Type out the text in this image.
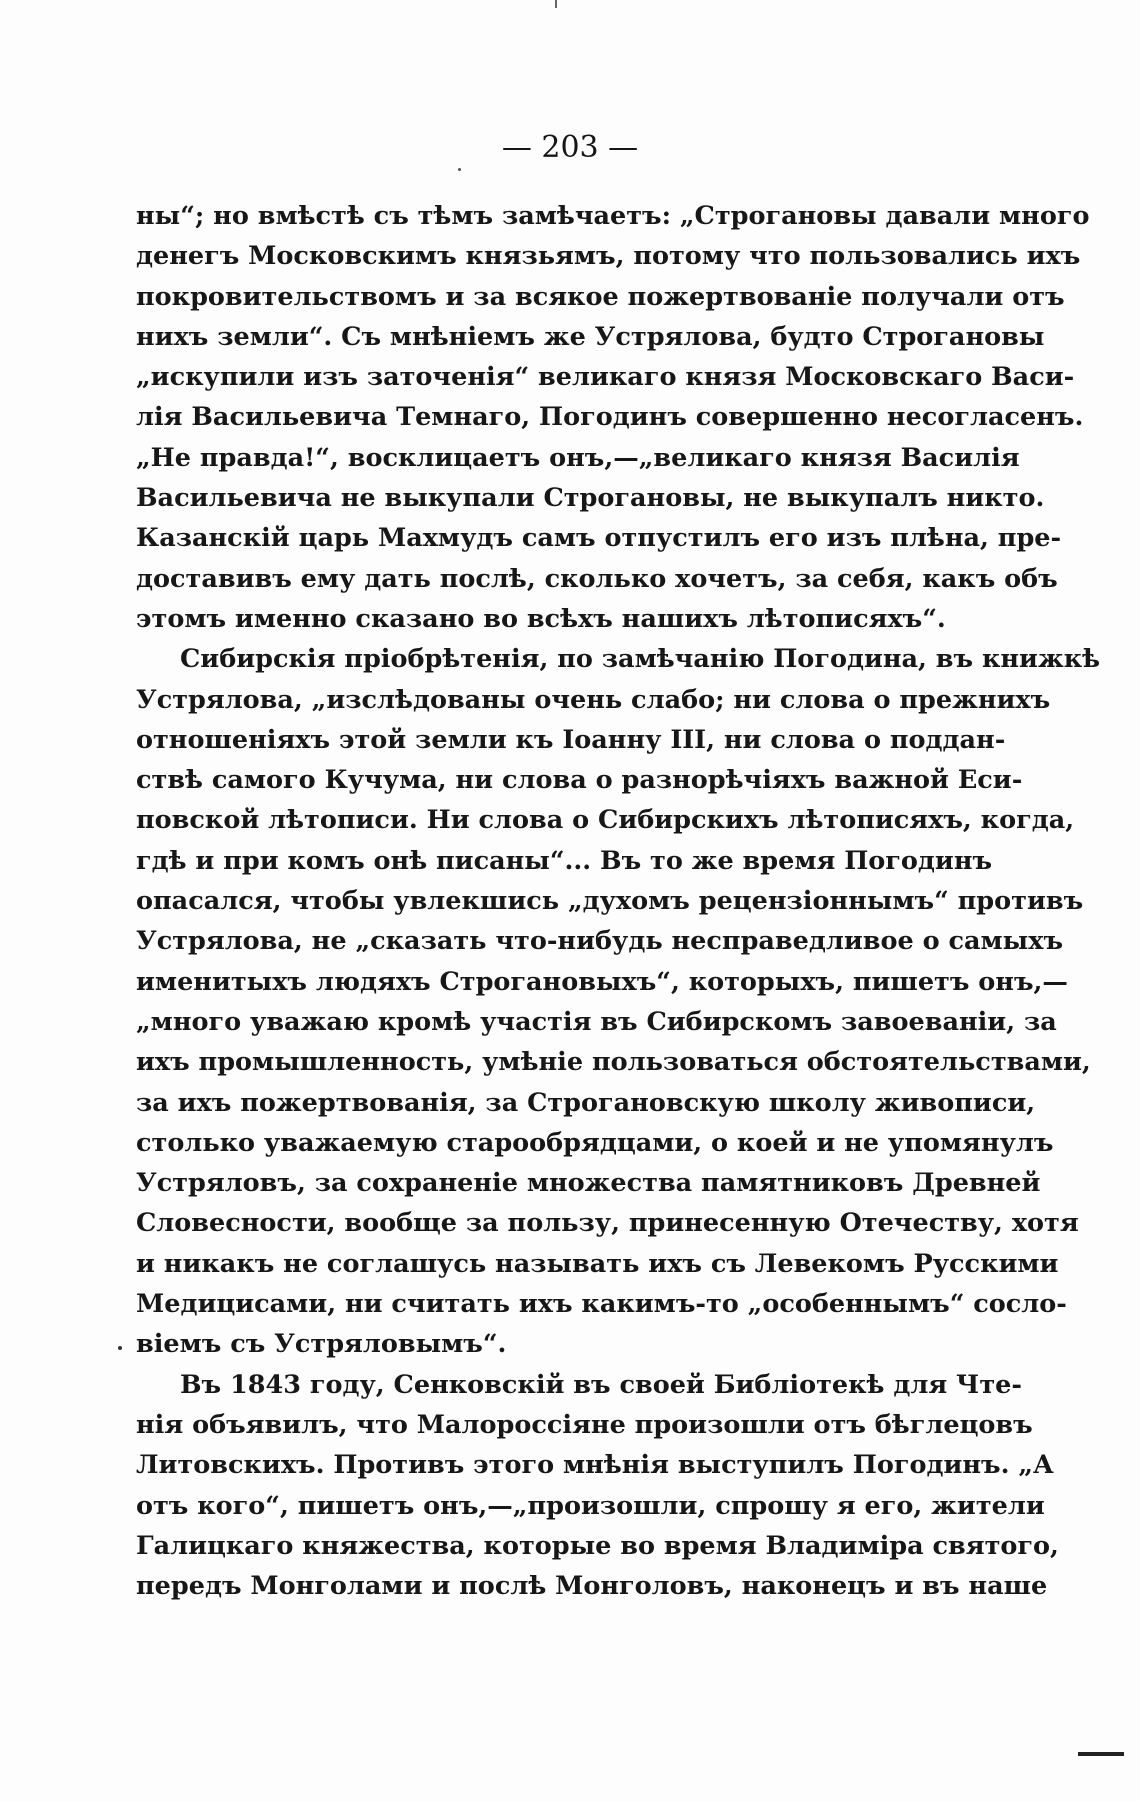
— 203 —
ны“; но вмѣстѣ съ тѣмъ замѣчаетъ: „Строгановы давали много
денегъ Московскимъ князьямъ, потому что пользовались ихъ
покровительствомъ и за всякое пожертвованіе получали отъ
нихъ земли“. Съ мнѣніемъ же Устрялова, будто Строгановы
„искупили изъ заточенія“ великаго князя Московскаго Васи-
лія Васильевича Темнаго, Погодинъ совершенно несогласенъ.
„Не правда!“, восклицаетъ онъ,—„великаго князя Василія
Васильевича не выкупали Строгановы, не выкупалъ никто.
Казанскій царь Махмудъ самъ отпустилъ его изъ плѣна, пре-
доставивъ ему дать послѣ, сколько хочетъ, за себя, какъ объ
этомъ именно сказано во всѣхъ нашихъ лѣтописяхъ“.
Сибирскія пріобрѣтенія, по замѣчанію Погодина, въ книжкѣ
Устрялова, „изслѣдованы очень слабо; ни слова о прежнихъ
отношеніяхъ этой земли къ Іоанну III, ни слова о поддан-
ствѣ самого Кучума, ни слова о разнорѣчіяхъ важной Еси-
повской лѣтописи. Ни слова о Сибирскихъ лѣтописяхъ, когда,
гдѣ и при комъ онѣ писаны“... Въ то же время Погодинъ
опасался, чтобы увлекшись „духомъ рецензіоннымъ“ противъ
Устрялова, не „сказать что-нибудь несправедливое о самыхъ
именитыхъ людяхъ Строгановыхъ“, которыхъ, пишетъ онъ,—
„много уважаю кромѣ участія въ Сибирскомъ завоеваніи, за
ихъ промышленность, умѣніе пользоваться обстоятельствами,
за ихъ пожертвованія, за Строгановскую школу живописи,
столько уважаемую старообрядцами, о коей и не упомянулъ
Устряловъ, за сохраненіе множества памятниковъ Древней
Словесности, вообще за пользу, принесенную Отечеству, хотя
и никакъ не соглашусь называть ихъ съ Левекомъ Русскими
Медицисами, ни считать ихъ какимъ-то „особеннымъ“ сосло-
віемъ съ Устряловымъ“.
Въ 1843 году, Сенковскій въ своей Библіотекѣ для Чте-
нія объявилъ, что Малороссіяне произошли отъ бѣглецовъ
Литовскихъ. Противъ этого мнѣнія выступилъ Погодинъ. „А
отъ кого“, пишетъ онъ,—„произошли, спрошу я его, жители
Галицкаго княжества, которые во время Владиміра святого,
передъ Монголами и послѣ Монголовъ, наконецъ и въ наше
